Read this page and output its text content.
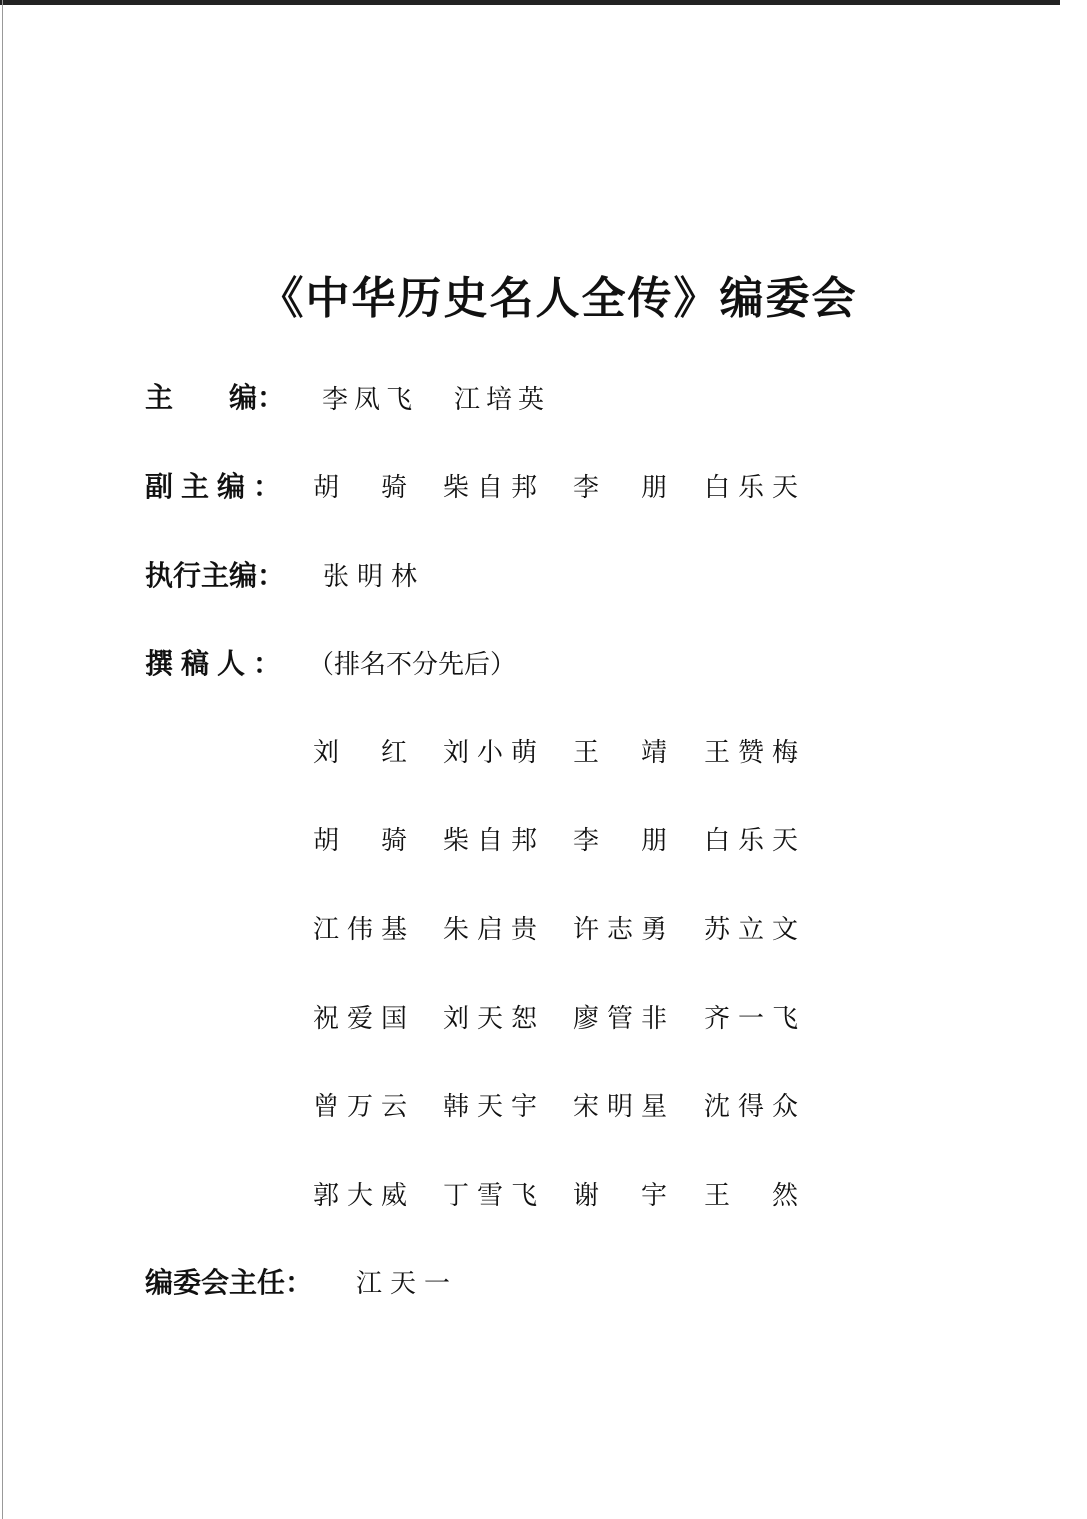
《中华历史名人全传》编委会
主　　编： 李凤飞 江培英
副主编： 胡骑 柴自邦 李朋 白乐天
执行主编： 张明林
撰稿人： （排名不分先后）
刘红 刘小萌 王靖 王赞梅
胡骑 柴自邦 李朋 白乐天
江伟基 朱启贵 许志勇 苏立文
祝爱国 刘天恕 廖管非 齐一飞
曾万云 韩天宇 宋明星 沈得众
郭大威 丁雪飞 谢宇 王然
编委会主任： 江天一
